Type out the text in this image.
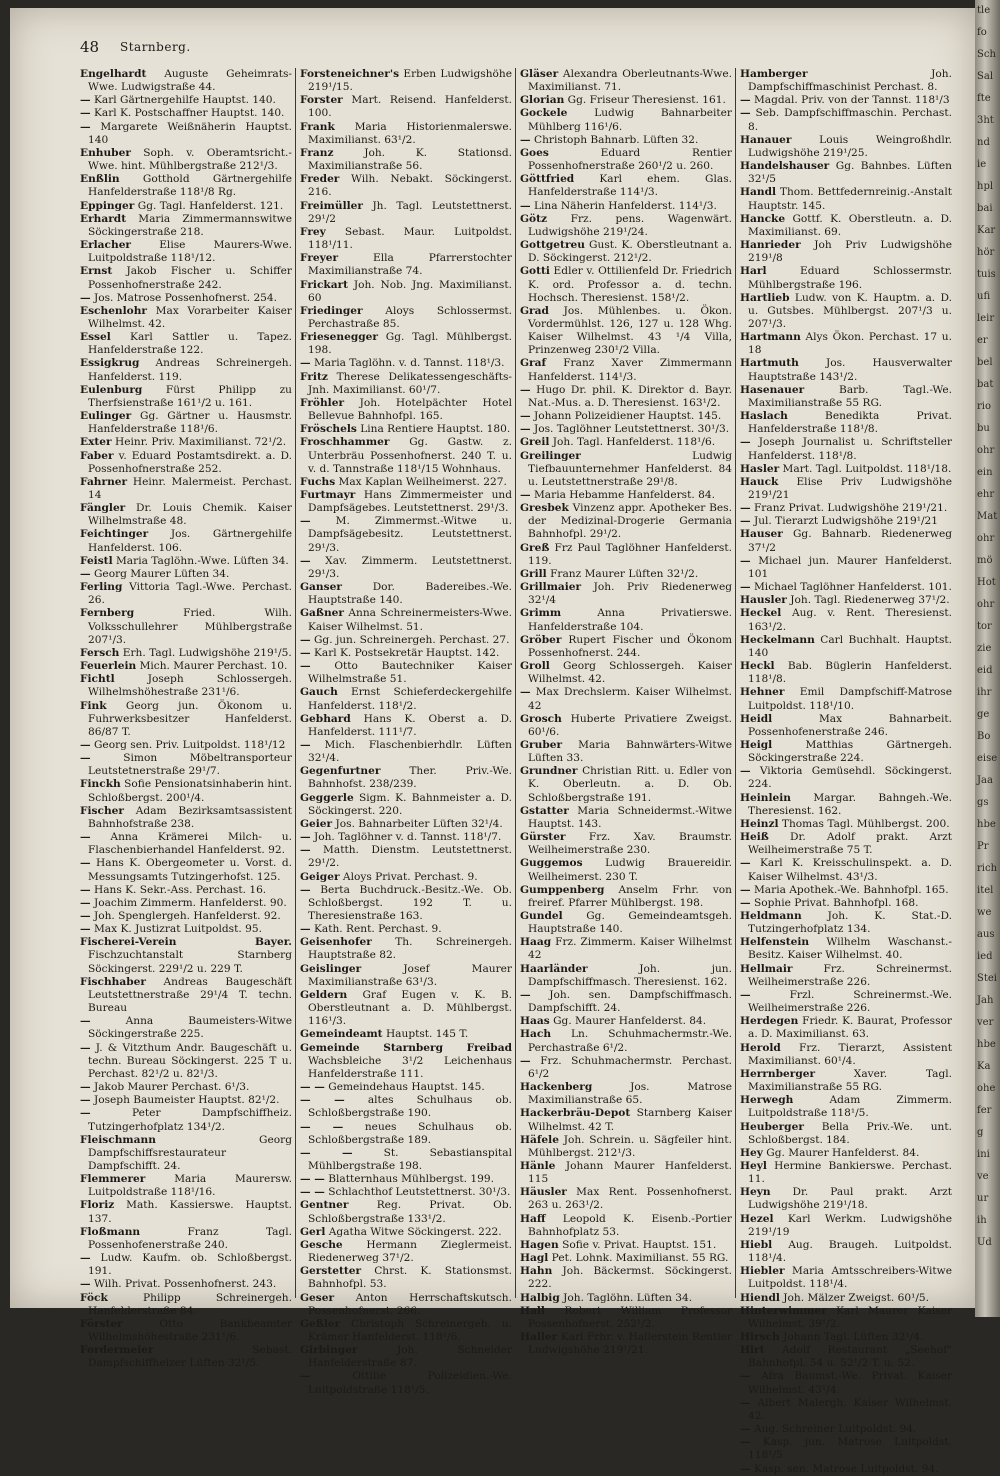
48 Starnberg.

Engelhardt Auguste Geheimrats-Wwe. Ludwigstraße 44.

— Karl Gärtnergehilfe Hauptst. 140.

— Karl K. Postschaffner Hauptst. 140.

— Margarete Weißnäherin Hauptst. 140

Enhuber Soph. v. Oberamtsricht.-Wwe. hint. Mühlbergstraße 212¹/3.

Enßlin Gotthold Gärtnergehilfe Hanfelderstraße 118¹/8 Rg.

Eppinger Gg. Tagl. Hanfelderst. 121.

Erhardt Maria Zimmermannswitwe Söckingerstraße 218.

Erlacher Elise Maurers-Wwe. Luitpoldstraße 118¹/12.

Ernst Jakob Fischer u. Schiffer Possenhofnerstraße 242.

— Jos. Matrose Possenhofnerst. 254.

Eschenlohr Max Vorarbeiter Kaiser Wilhelmst. 42.

Essel Karl Sattler u. Tapez. Hanfelderstraße 122.

Essigkrug Andreas Schreinergeh. Hanfelderst. 119.

Eulenburg Fürst Philipp zu Therfsienstraße 161¹/2 u. 161.

Eulinger Gg. Gärtner u. Hausmstr. Hanfelderstraße 118¹/6.

Exter Heinr. Priv. Maximilianst. 72¹/2.

Faber v. Eduard Postamtsdirekt. a. D. Possenhofnerstraße 252.

Fahrner Heinr. Malermeist. Perchast. 14

Fängler Dr. Louis Chemik. Kaiser Wilhelmstraße 48.

Feichtinger Jos. Gärtnergehilfe Hanfelderst. 106.

Feistl Maria Taglöhn.-Wwe. Lüften 34.

— Georg Maurer Lüften 34.

Ferling Vittoria Tagl.-Wwe. Perchast. 26.

Fernberg Fried. Wilh. Volksschullehrer Mühlbergstraße 207¹/3.

Fersch Erh. Tagl. Ludwigshöhe 219¹/5.

Feuerlein Mich. Maurer Perchast. 10.

Fichtl Joseph Schlossergeh. Wilhelmshöhestraße 231¹/6.

Fink Georg jun. Ökonom u. Fuhrwerksbesitzer Hanfelderst. 86/87 T.

— Georg sen. Priv. Luitpoldst. 118¹/12

— Simon Möbeltransporteur Leutstetnerstraße 29¹/7.

Finckh Sofie Pensionatsinhaberin hint. Schloßbergst. 200¹/4.

Fischer Adam Bezirksamtsassistent Bahnhofstraße 238.

— Anna Krämerei Milch- u. Flaschenbierhandel Hanfelderst. 92.

— Hans K. Obergeometer u. Vorst. d. Messungsamts Tutzingerhofst. 125.

— Hans K. Sekr.-Ass. Perchast. 16.

— Joachim Zimmerm. Hanfelderst. 90.

— Joh. Spenglergeh. Hanfelderst. 92.

— Max K. Justizrat Luitpoldst. 95.

Fischerei-Verein Bayer. Fischzuchtanstalt Starnberg Söckingerst. 229¹/2 u. 229 T.

Fischhaber Andreas Baugeschäft Leutstettnerstraße 29¹/4 T. techn. Bureau

— Anna Baumeisters-Witwe Söckingerstraße 225.

— J. & Vitzthum Andr. Baugeschäft u. techn. Bureau Söckingerst. 225 T u. Perchast. 82¹/2 u. 82¹/3.

— Jakob Maurer Perchast. 6¹/3.

— Joseph Baumeister Hauptst. 82¹/2.

— Peter Dampfschiffheiz. Tutzingerhofplatz 134¹/2.

Fleischmann Georg Dampfschiffsrestaurateur Dampfschifft. 24.

Flemmerer Maria Maurersw. Luitpoldstraße 118¹/16.

Floriz Math. Kassierswe. Hauptst. 137.

Floßmann Franz Tagl. Possenhofenerstraße 240.

— Ludw. Kaufm. ob. Schloßbergst. 191.

— Wilh. Privat. Possenhofnerst. 243.

Föck Philipp Schreinergeh. Hanfelderstraße 84.

Förster Otto Bankbeamter Wilhelmshöhestraße 231¹/6.

Fordermeier Sebast. Dampfschiffheizer Lüften 32¹/5.

Forsteneichner's Erben Ludwigshöhe 219¹/15.

Forster Mart. Reisend. Hanfelderst. 100.

Frank Maria Historienmalerswe. Maximilianst. 63¹/2.

Franz Joh. K. Stationsd. Maximilianstraße 56.

Freder Wilh. Nebakt. Söckingerst. 216.

Freimüller Jh. Tagl. Leutstettnerst. 29¹/2

Frey Sebast. Maur. Luitpoldst. 118¹/11.

Freyer Ella Pfarrerstochter Maximilianstraße 74.

Frickart Joh. Nob. Jng. Maximilianst. 60

Friedinger Aloys Schlossermst. Perchastraße 85.

Friesenegger Gg. Tagl. Mühlbergst. 198.

— Maria Taglöhn. v. d. Tannst. 118¹/3.

Fritz Therese Delikatessengeschäfts-Jnh. Maximilianst. 60¹/7.

Fröhler Joh. Hotelpächter Hotel Bellevue Bahnhofpl. 165.

Fröschels Lina Rentiere Hauptst. 180.

Froschhammer Gg. Gastw. z. Unterbräu Possenhofnerst. 240 T. u. v. d. Tannstraße 118¹/15 Wohnhaus.

Fuchs Max Kaplan Weilheimerst. 227.

Furtmayr Hans Zimmermeister und Dampfsägebes. Leutstettnerst. 29¹/3.

— M. Zimmermst.-Witwe u. Dampfsägebesitz. Leutstettnerst. 29¹/3.

— Xav. Zimmerm. Leutstettnerst. 29¹/3.

Ganser Dor. Badereibes.-We. Hauptstraße 140.

Gaßner Anna Schreinermeisters-Wwe. Kaiser Wilhelmst. 51.

— Gg. jun. Schreinergeh. Perchast. 27.

— Karl K. Postsekretär Hauptst. 142.

— Otto Bautechniker Kaiser Wilhelmstraße 51.

Gauch Ernst Schieferdeckergehilfe Hanfelderst. 118¹/2.

Gebhard Hans K. Oberst a. D. Hanfelderst. 111¹/7.

— Mich. Flaschenbierhdlr. Lüften 32¹/4.

Gegenfurtner Ther. Priv.-We. Bahnhofst. 238/239.

Geggerle Sigm. K. Bahnmeister a. D. Söckingerst. 220.

Geier Jos. Bahnarbeiter Lüften 32¹/4.

— Joh. Taglöhner v. d. Tannst. 118¹/7.

— Matth. Dienstm. Leutstettnerst. 29¹/2.

Geiger Aloys Privat. Perchast. 9.

— Berta Buchdruck.-Besitz.-We. Ob. Schloßbergst. 192 T. u. Theresienstraße 163.

— Kath. Rent. Perchast. 9.

Geisenhofer Th. Schreinergeh. Hauptstraße 82.

Geislinger Josef Maurer Maximilianstraße 63¹/3.

Geldern Graf Eugen v. K. B. Oberstleutnant a. D. Mühlbergst. 116¹/3.

Gemeindeamt Hauptst. 145 T.

Gemeinde Starnberg Freibad Wachsbleiche 3¹/2 Leichenhaus Hanfelderstraße 111.

— — Gemeindehaus Hauptst. 145.

— — altes Schulhaus ob. Schloßbergstraße 190.

— — neues Schulhaus ob. Schloßbergstraße 189.

— — St. Sebastianspital Mühlbergstraße 198.

— — Blatternhaus Mühlbergst. 199.

— — Schlachthof Leutstettnerst. 30¹/3.

Gentner Reg. Privat. Ob. Schloßbergstraße 133¹/2.

Gerl Agatha Witwe Söckingerst. 222.

Gesche Hermann Zieglermeist. Riedenerweg 37¹/2.

Gerstetter Chrst. K. Stationsmst. Bahnhofpl. 53.

Geser Anton Herrschaftskutsch. Possenhofnerst. 266.

Geßler Christoph Schreinergeh. u. Krämer Hanfelderst. 118¹/6.

Girbinger Joh. Schneider Hanfelderstraße 87.

— Ottilie Polizeidien.-We. Luitpoldstraße 118¹/5.

Gläser Alexandra Oberleutnants-Wwe. Maximilianst. 71.

Glorian Gg. Friseur Theresienst. 161.

Gockele Ludwig Bahnarbeiter Mühlberg 116¹/6.

— Christoph Bahnarb. Lüften 32.

Goes Eduard Rentier Possenhofnerstraße 260¹/2 u. 260.

Göttfried Karl ehem. Glas. Hanfelderstraße 114¹/3.

— Lina Näherin Hanfelderst. 114¹/3.

Götz Frz. pens. Wagenwärt. Ludwigshöhe 219¹/24.

Gottgetreu Gust. K. Oberstleutnant a. D. Söckingerst. 212¹/2.

Gotti Edler v. Ottilienfeld Dr. Friedrich K. ord. Professor a. d. techn. Hochsch. Theresienst. 158¹/2.

Grad Jos. Mühlenbes. u. Ökon. Vordermühlst. 126, 127 u. 128 Whg. Kaiser Wilhelmst. 43 ¹/4 Villa, Prinzenweg 230¹/2 Villa.

Graf Franz Xaver Zimmermann Hanfelderst. 114¹/3.

— Hugo Dr. phil. K. Direktor d. Bayr. Nat.-Mus. a. D. Theresienst. 163¹/2.

— Johann Polizeidiener Hauptst. 145.

— Jos. Taglöhner Leutstettnerst. 30¹/3.

Greil Joh. Tagl. Hanfelderst. 118¹/6.

Greilinger Ludwig Tiefbauunternehmer Hanfelderst. 84 u. Leutstettnerstraße 29¹/8.

— Maria Hebamme Hanfelderst. 84.

Gresbek Vinzenz appr. Apotheker Bes. der Medizinal-Drogerie Germania Bahnhofpl. 29¹/2.

Greß Frz Paul Taglöhner Hanfelderst. 119.

Grill Franz Maurer Lüften 32¹/2.

Grillmaier Joh. Priv Riedenerweg 32¹/4

Grimm Anna Privatierswe. Hanfelderstraße 104.

Gröber Rupert Fischer und Ökonom Possenhofnerst. 244.

Groll Georg Schlossergeh. Kaiser Wilhelmst. 42.

— Max Drechslerm. Kaiser Wilhelmst. 42

Grosch Huberte Privatiere Zweigst. 60¹/6.

Gruber Maria Bahnwärters-Witwe Lüften 33.

Grundner Christian Ritt. u. Edler von K. Oberleutn. a. D. Ob. Schloßbergstraße 191.

Gstatter Maria Schneidermst.-Witwe Hauptst. 143.

Gürster Frz. Xav. Braumstr. Weilheimerstraße 230.

Guggemos Ludwig Brauereidir. Weilheimerst. 230 T.

Gumppenberg Anselm Frhr. von freiref. Pfarrer Mühlbergst. 198.

Gundel Gg. Gemeindeamtsgeh. Hauptstraße 140.

Haag Frz. Zimmerm. Kaiser Wilhelmst 42

Haarländer Joh. jun. Dampfschiffmasch. Theresienst. 162.

— Joh. sen. Dampfschiffmasch. Dampfschifft. 24.

Haas Gg. Maurer Hanfelderst. 84.

Hach Ln. Schuhmachermstr.-We. Perchastraße 6¹/2.

— Frz. Schuhmachermstr. Perchast. 6¹/2

Hackenberg Jos. Matrose Maximilianstraße 65.

Hackerbräu-Depot Starnberg Kaiser Wilhelmst. 42 T.

Häfele Joh. Schrein. u. Sägfeiler hint. Mühlbergst. 212¹/3.

Hänle Johann Maurer Hanfelderst. 115

Häusler Max Rent. Possenhofnerst. 263 u. 263¹/2.

Haff Leopold K. Eisenb.-Portier Bahnhofplatz 53.

Hagen Sofie v. Privat. Hauptst. 151.

Hagl Pet. Lohnk. Maximilianst. 55 RG.

Hahn Joh. Bäckermst. Söckingerst. 222.

Halbig Joh. Taglöhn. Lüften 34.

Hall Robert William Professor Possenhofnerst. 252¹/2.

Haller Karl Frhr. v. Hallerstein Rentier Ludwigshöhe 219¹/21.

Hamberger Joh. Dampfschiffmaschinist Perchast. 8.

— Magdal. Priv. von der Tannst. 118¹/3

— Seb. Dampfschiffmaschin. Perchast. 8.

Hanauer Louis Weingroßhdlr. Ludwigshöhe 219¹/25.

Handelshauser Gg. Bahnbes. Lüften 32¹/5

Handl Thom. Bettfedernreinig.-Anstalt Hauptstr. 145.

Hancke Gottf. K. Oberstleutn. a. D. Maximilianst. 69.

Hanrieder Joh Priv Ludwigshöhe 219¹/8

Harl Eduard Schlossermstr. Mühlbergstraße 196.

Hartlieb Ludw. von K. Hauptm. a. D. u. Gutsbes. Mühlbergst. 207¹/3 u. 207¹/3.

Hartmann Alys Ökon. Perchast. 17 u. 18

Hartmuth Jos. Hausverwalter Hauptstraße 143¹/2.

Hasenauer Barb. Tagl.-We. Maximilianstraße 55 RG.

Haslach Benedikta Privat. Hanfelderstraße 118¹/8.

— Joseph Journalist u. Schriftsteller Hanfelderst. 118¹/8.

Hasler Mart. Tagl. Luitpoldst. 118¹/18.

Hauck Elise Priv Ludwigshöhe 219¹/21

— Franz Privat. Ludwigshöhe 219¹/21.

— Jul. Tierarzt Ludwigshöhe 219¹/21

Hauser Gg. Bahnarb. Riedenerweg 37¹/2

— Michael jun. Maurer Hanfelderst. 101

— Michael Taglöhner Hanfelderst. 101.

Hausler Joh. Tagl. Riedenerweg 37¹/2.

Heckel Aug. v. Rent. Theresienst. 163¹/2.

Heckelmann Carl Buchhalt. Hauptst. 140

Heckl Bab. Büglerin Hanfelderst. 118¹/8.

Hehner Emil Dampfschiff-Matrose Luitpoldst. 118¹/10.

Heidl Max Bahnarbeit. Possenhofenerstraße 246.

Heigl Matthias Gärtnergeh. Söckingerstraße 224.

— Viktoria Gemüsehdl. Söckingerst. 224.

Heinlein Margar. Bahngeh.-We. Theresienst. 162.

Heinzl Thomas Tagl. Mühlbergst. 200.

Heiß Dr. Adolf prakt. Arzt Weilheimerstraße 75 T.

— Karl K. Kreisschulinspekt. a. D. Kaiser Wilhelmst. 43¹/3.

— Maria Apothek.-We. Bahnhofpl. 165.

— Sophie Privat. Bahnhofpl. 168.

Heldmann Joh. K. Stat.-D. Tutzingerhofplatz 134.

Helfenstein Wilhelm Waschanst.-Besitz. Kaiser Wilhelmst. 40.

Hellmair Frz. Schreinermst. Weilheimerstraße 226.

— Frzl. Schreinermst.-We. Weilheimerstraße 226.

Herdegen Friedr. K. Baurat, Professor a. D. Maximilianst. 63.

Herold Frz. Tierarzt, Assistent Maximilianst. 60¹/4.

Herrnberger Xaver. Tagl. Maximilianstraße 55 RG.

Herwegh Adam Zimmerm. Luitpoldstraße 118¹/5.

Heuberger Bella Priv.-We. unt. Schloßbergst. 184.

Hey Gg. Maurer Hanfelderst. 84.

Heyl Hermine Bankierswe. Perchast. 11.

Heyn Dr. Paul prakt. Arzt Ludwigshöhe 219¹/18.

Hezel Karl Werkm. Ludwigshöhe 219¹/19

Hiebl Aug. Braugeh. Luitpoldst. 118¹/4.

Hiebler Maria Amtsschreibers-Witwe Luitpoldst. 118¹/4.

Hiendl Joh. Mälzer Zweigst. 60¹/5.

Hinterwimmer Karl Maurer Kaiser Wilhelmst. 39¹/2.

Hirsch Johann Tagl. Lüften 32¹/4.

Hirt Adolf Restaurant „Seehof" Bahnhofpl. 54 u. 52¹/2 T. u. 52.

— Afra Baumst.-We. Privat. Kaiser Wilhelmst. 43¹/4.

— Albert Malergh. Kaiser Wilhelmst. 42.

— Aug. Schreiner Luitpoldst. 94.

— Kasp. jun. Matrose Luitpoldst. 118¹/5

— Kasp. sen. Matrose Luitpoldst. 94.

tle
fo
Sch
Sal
fte
3ht
nd
ie
hpl
bai
Kar
hör
tuis
ufi
leir
er
bel
bat
rio
bu
ohr
ein
ehr
Mat
ohr
mö
Hot
ohr
tor
zie
eid
ihr
ge
Bo
eise
Jaa
gs
hbe
Pr
rich
itel
we
aus
ied
Stei
Jah
ver
hbe
Ka
ohe
fer
g
ini
ve
ur
ih
Ud
